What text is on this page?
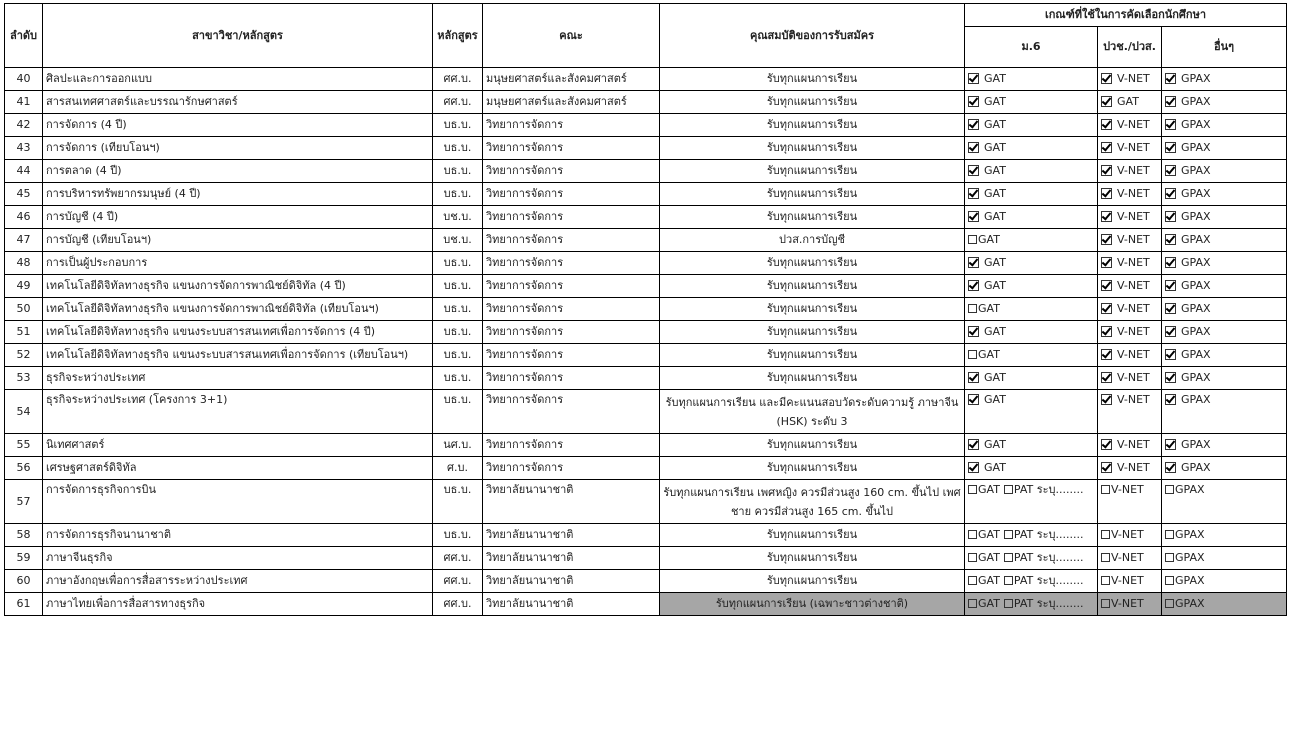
ลำดับ	สาขาวิชา/หลักสูตร	หลักสูตร	คณะ	คุณสมบัติของการรับสมัคร	เกณฑ์ที่ใช้ในการคัดเลือกนักศึกษา		
					ม.6	ปวช./ปวส.	อื่นๆ
40	ศิลปะและการออกแบบ	ศศ.บ.	มนุษยศาสตร์และสังคมศาสตร์	รับทุกแผนการเรียน	GAT	V-NET	GPAX
41	สารสนเทศศาสตร์และบรรณารักษศาสตร์	ศศ.บ.	มนุษยศาสตร์และสังคมศาสตร์	รับทุกแผนการเรียน	GAT	GAT	GPAX
42	การจัดการ (4 ปี)	บธ.บ.	วิทยาการจัดการ	รับทุกแผนการเรียน	GAT	V-NET	GPAX
43	การจัดการ (เทียบโอนฯ)	บธ.บ.	วิทยาการจัดการ	รับทุกแผนการเรียน	GAT	V-NET	GPAX
44	การตลาด (4 ปี)	บธ.บ.	วิทยาการจัดการ	รับทุกแผนการเรียน	GAT	V-NET	GPAX
45	การบริหารทรัพยากรมนุษย์ (4 ปี)	บธ.บ.	วิทยาการจัดการ	รับทุกแผนการเรียน	GAT	V-NET	GPAX
46	การบัญชี (4 ปี)	บช.บ.	วิทยาการจัดการ	รับทุกแผนการเรียน	GAT	V-NET	GPAX
47	การบัญชี (เทียบโอนฯ)	บช.บ.	วิทยาการจัดการ	ปวส.การบัญชี	GAT	V-NET	GPAX
48	การเป็นผู้ประกอบการ	บธ.บ.	วิทยาการจัดการ	รับทุกแผนการเรียน	GAT	V-NET	GPAX
49	เทคโนโลยีดิจิทัลทางธุรกิจ แขนงการจัดการพาณิชย์ดิจิทัล (4 ปี)	บธ.บ.	วิทยาการจัดการ	รับทุกแผนการเรียน	GAT	V-NET	GPAX
50	เทคโนโลยีดิจิทัลทางธุรกิจ แขนงการจัดการพาณิชย์ดิจิทัล (เทียบโอนฯ)	บธ.บ.	วิทยาการจัดการ	รับทุกแผนการเรียน	GAT	V-NET	GPAX
51	เทคโนโลยีดิจิทัลทางธุรกิจ แขนงระบบสารสนเทศเพื่อการจัดการ (4 ปี)	บธ.บ.	วิทยาการจัดการ	รับทุกแผนการเรียน	GAT	V-NET	GPAX
52	เทคโนโลยีดิจิทัลทางธุรกิจ แขนงระบบสารสนเทศเพื่อการจัดการ (เทียบโอนฯ)	บธ.บ.	วิทยาการจัดการ	รับทุกแผนการเรียน	GAT	V-NET	GPAX
53	ธุรกิจระหว่างประเทศ	บธ.บ.	วิทยาการจัดการ	รับทุกแผนการเรียน	GAT	V-NET	GPAX
54	ธุรกิจระหว่างประเทศ (โครงการ 3+1)	บธ.บ.	วิทยาการจัดการ	รับทุกแผนการเรียน และมีคะแนนสอบวัดระดับความรู้ ภาษาจีน (HSK) ระดับ 3	GAT	V-NET	GPAX
55	นิเทศศาสตร์	นศ.บ.	วิทยาการจัดการ	รับทุกแผนการเรียน	GAT	V-NET	GPAX
56	เศรษฐศาสตร์ดิจิทัล	ศ.บ.	วิทยาการจัดการ	รับทุกแผนการเรียน	GAT	V-NET	GPAX
57	การจัดการธุรกิจการบิน	บธ.บ.	วิทยาลัยนานาชาติ	รับทุกแผนการเรียน เพศหญิง ควรมีส่วนสูง 160 cm. ขึ้นไป เพศชาย ควรมีส่วนสูง 165 cm. ขึ้นไป	GAT PAT ระบุ........	V-NET	GPAX
58	การจัดการธุรกิจนานาชาติ	บธ.บ.	วิทยาลัยนานาชาติ	รับทุกแผนการเรียน	GAT PAT ระบุ........	V-NET	GPAX
59	ภาษาจีนธุรกิจ	ศศ.บ.	วิทยาลัยนานาชาติ	รับทุกแผนการเรียน	GAT PAT ระบุ........	V-NET	GPAX
60	ภาษาอังกฤษเพื่อการสื่อสารระหว่างประเทศ	ศศ.บ.	วิทยาลัยนานาชาติ	รับทุกแผนการเรียน	GAT PAT ระบุ........	V-NET	GPAX
61	ภาษาไทยเพื่อการสื่อสารทางธุรกิจ	ศศ.บ.	วิทยาลัยนานาชาติ	รับทุกแผนการเรียน (เฉพาะชาวต่างชาติ)	GAT PAT ระบุ........	V-NET	GPAX
